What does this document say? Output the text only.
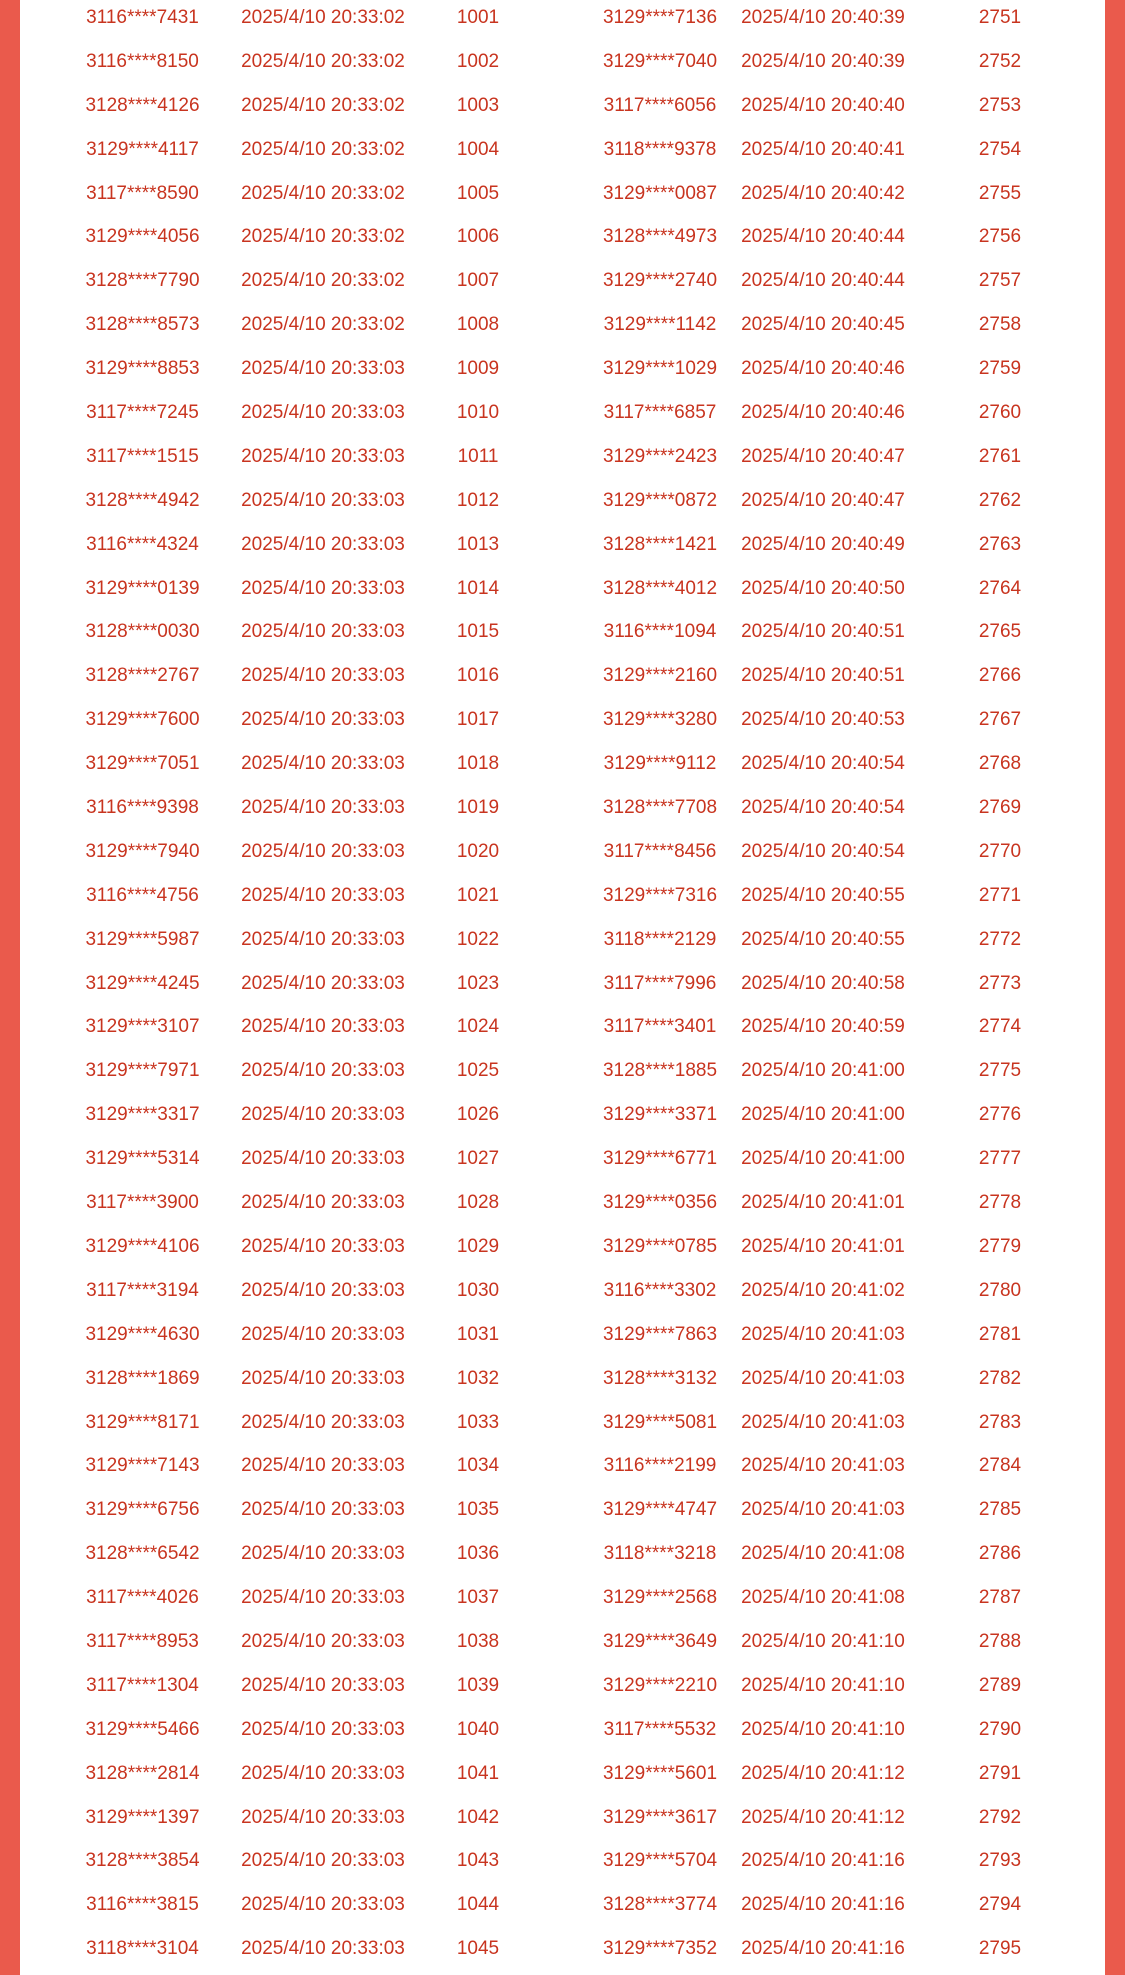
3116****7431	2025/4/10 20:33:02	1001	3129****7136	2025/4/10 20:40:39	2751
3116****8150	2025/4/10 20:33:02	1002	3129****7040	2025/4/10 20:40:39	2752
3128****4126	2025/4/10 20:33:02	1003	3117****6056	2025/4/10 20:40:40	2753
3129****4117	2025/4/10 20:33:02	1004	3118****9378	2025/4/10 20:40:41	2754
3117****8590	2025/4/10 20:33:02	1005	3129****0087	2025/4/10 20:40:42	2755
3129****4056	2025/4/10 20:33:02	1006	3128****4973	2025/4/10 20:40:44	2756
3128****7790	2025/4/10 20:33:02	1007	3129****2740	2025/4/10 20:40:44	2757
3128****8573	2025/4/10 20:33:02	1008	3129****1142	2025/4/10 20:40:45	2758
3129****8853	2025/4/10 20:33:03	1009	3129****1029	2025/4/10 20:40:46	2759
3117****7245	2025/4/10 20:33:03	1010	3117****6857	2025/4/10 20:40:46	2760
3117****1515	2025/4/10 20:33:03	1011	3129****2423	2025/4/10 20:40:47	2761
3128****4942	2025/4/10 20:33:03	1012	3129****0872	2025/4/10 20:40:47	2762
3116****4324	2025/4/10 20:33:03	1013	3128****1421	2025/4/10 20:40:49	2763
3129****0139	2025/4/10 20:33:03	1014	3128****4012	2025/4/10 20:40:50	2764
3128****0030	2025/4/10 20:33:03	1015	3116****1094	2025/4/10 20:40:51	2765
3128****2767	2025/4/10 20:33:03	1016	3129****2160	2025/4/10 20:40:51	2766
3129****7600	2025/4/10 20:33:03	1017	3129****3280	2025/4/10 20:40:53	2767
3129****7051	2025/4/10 20:33:03	1018	3129****9112	2025/4/10 20:40:54	2768
3116****9398	2025/4/10 20:33:03	1019	3128****7708	2025/4/10 20:40:54	2769
3129****7940	2025/4/10 20:33:03	1020	3117****8456	2025/4/10 20:40:54	2770
3116****4756	2025/4/10 20:33:03	1021	3129****7316	2025/4/10 20:40:55	2771
3129****5987	2025/4/10 20:33:03	1022	3118****2129	2025/4/10 20:40:55	2772
3129****4245	2025/4/10 20:33:03	1023	3117****7996	2025/4/10 20:40:58	2773
3129****3107	2025/4/10 20:33:03	1024	3117****3401	2025/4/10 20:40:59	2774
3129****7971	2025/4/10 20:33:03	1025	3128****1885	2025/4/10 20:41:00	2775
3129****3317	2025/4/10 20:33:03	1026	3129****3371	2025/4/10 20:41:00	2776
3129****5314	2025/4/10 20:33:03	1027	3129****6771	2025/4/10 20:41:00	2777
3117****3900	2025/4/10 20:33:03	1028	3129****0356	2025/4/10 20:41:01	2778
3129****4106	2025/4/10 20:33:03	1029	3129****0785	2025/4/10 20:41:01	2779
3117****3194	2025/4/10 20:33:03	1030	3116****3302	2025/4/10 20:41:02	2780
3129****4630	2025/4/10 20:33:03	1031	3129****7863	2025/4/10 20:41:03	2781
3128****1869	2025/4/10 20:33:03	1032	3128****3132	2025/4/10 20:41:03	2782
3129****8171	2025/4/10 20:33:03	1033	3129****5081	2025/4/10 20:41:03	2783
3129****7143	2025/4/10 20:33:03	1034	3116****2199	2025/4/10 20:41:03	2784
3129****6756	2025/4/10 20:33:03	1035	3129****4747	2025/4/10 20:41:03	2785
3128****6542	2025/4/10 20:33:03	1036	3118****3218	2025/4/10 20:41:08	2786
3117****4026	2025/4/10 20:33:03	1037	3129****2568	2025/4/10 20:41:08	2787
3117****8953	2025/4/10 20:33:03	1038	3129****3649	2025/4/10 20:41:10	2788
3117****1304	2025/4/10 20:33:03	1039	3129****2210	2025/4/10 20:41:10	2789
3129****5466	2025/4/10 20:33:03	1040	3117****5532	2025/4/10 20:41:10	2790
3128****2814	2025/4/10 20:33:03	1041	3129****5601	2025/4/10 20:41:12	2791
3129****1397	2025/4/10 20:33:03	1042	3129****3617	2025/4/10 20:41:12	2792
3128****3854	2025/4/10 20:33:03	1043	3129****5704	2025/4/10 20:41:16	2793
3116****3815	2025/4/10 20:33:03	1044	3128****3774	2025/4/10 20:41:16	2794
3118****3104	2025/4/10 20:33:03	1045	3129****7352	2025/4/10 20:41:16	2795
